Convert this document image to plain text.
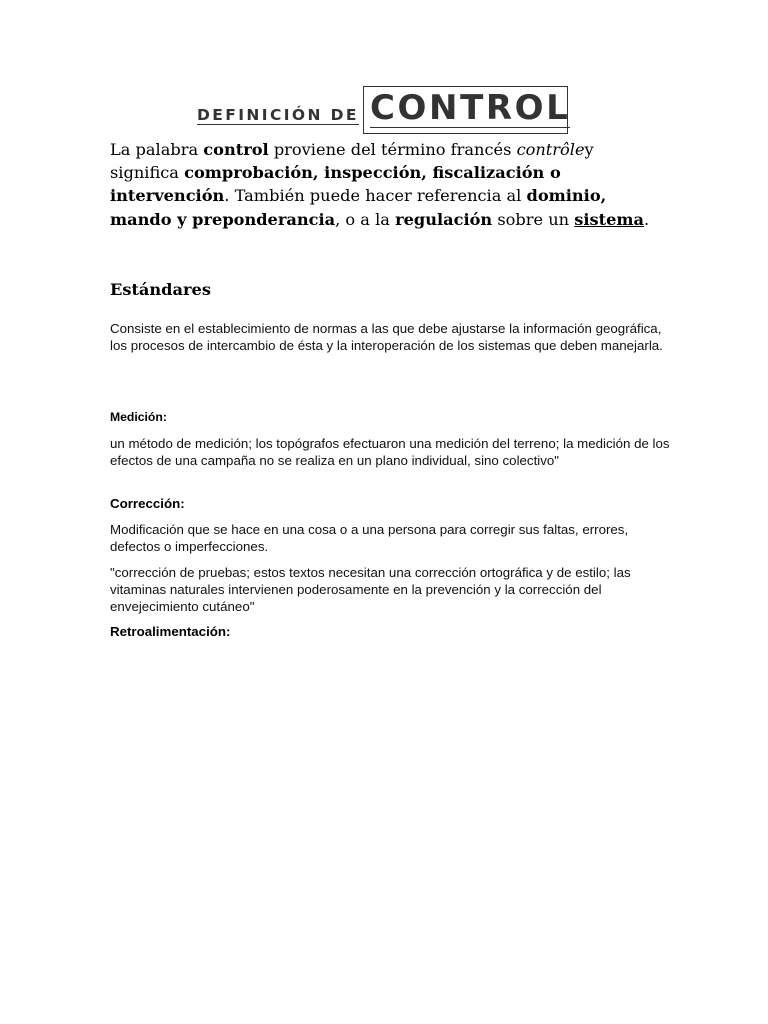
DEFINICIÓN DE CONTROL
La palabra control proviene del término francés contrôley significa comprobación, inspección, fiscalización o intervención. También puede hacer referencia al dominio, mando y preponderancia, o a la regulación sobre un sistema.
Estándares
Consiste en el establecimiento de normas a las que debe ajustarse la información geográfica, los procesos de intercambio de ésta y la interoperación de los sistemas que deben manejarla.
Medición:
un método de medición; los topógrafos efectuaron una medición del terreno; la medición de los efectos de una campaña no se realiza en un plano individual, sino colectivo"
Corrección:
Modificación que se hace en una cosa o a una persona para corregir sus faltas, errores, defectos o imperfecciones.
"corrección de pruebas; estos textos necesitan una corrección ortográfica y de estilo; las vitaminas naturales intervienen poderosamente en la prevención y la corrección del envejecimiento cutáneo"
Retroalimentación:
